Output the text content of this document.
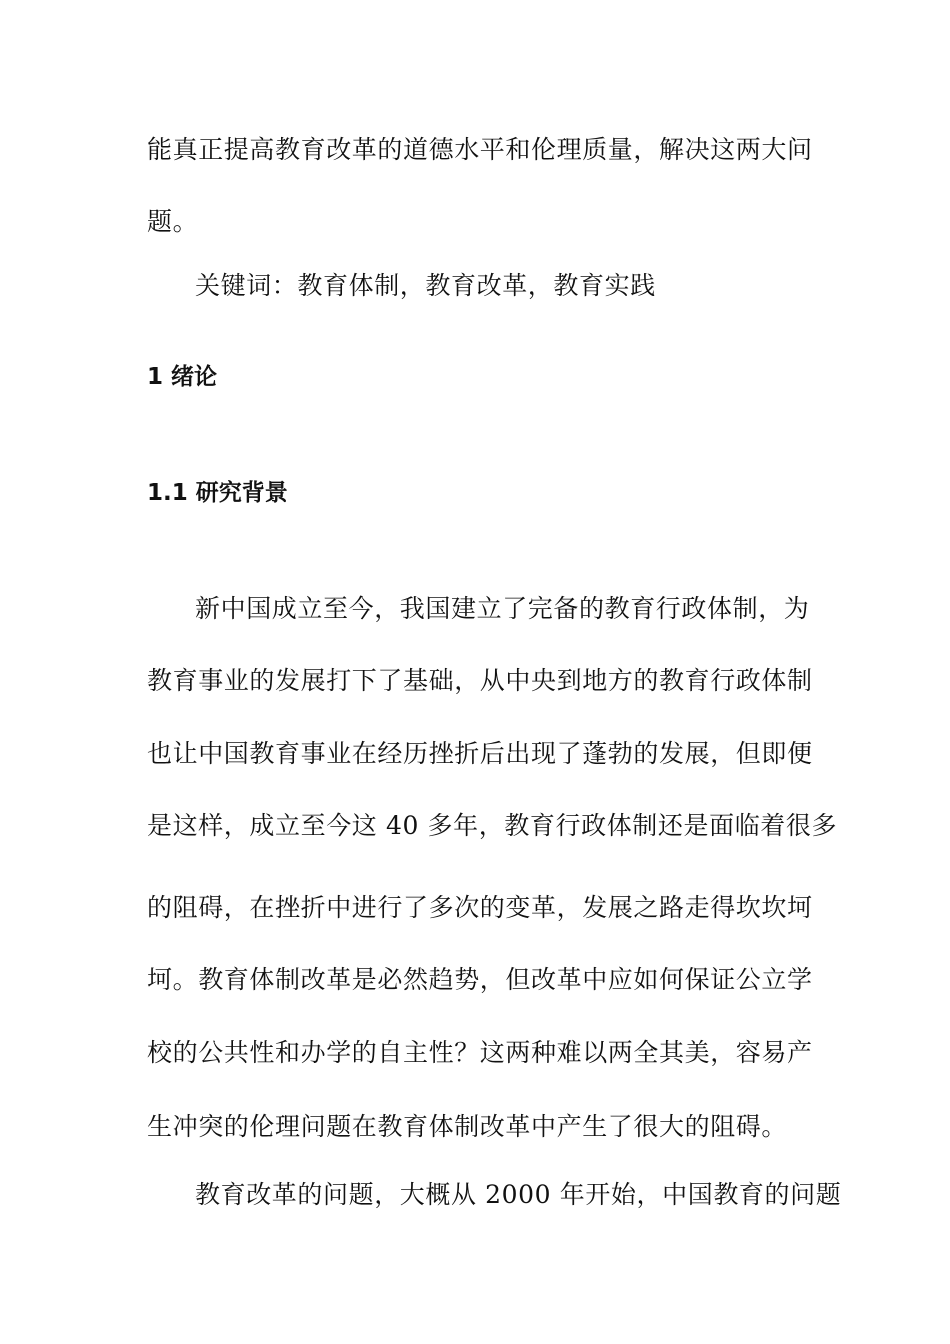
能真正提高教育改革的道德水平和伦理质量，解决这两大问
题。
关键词：教育体制，教育改革，教育实践
1 绪论
1.1 研究背景
新中国成立至今，我国建立了完备的教育行政体制，为
教育事业的发展打下了基础，从中央到地方的教育行政体制
也让中国教育事业在经历挫折后出现了蓬勃的发展，但即便
是这样，成立至今这 40 多年，教育行政体制还是面临着很多
的阻碍，在挫折中进行了多次的变革，发展之路走得坎坎坷
坷。教育体制改革是必然趋势，但改革中应如何保证公立学
校的公共性和办学的自主性？这两种难以两全其美，容易产
生冲突的伦理问题在教育体制改革中产生了很大的阻碍。
教育改革的问题，大概从 2000 年开始，中国教育的问题
